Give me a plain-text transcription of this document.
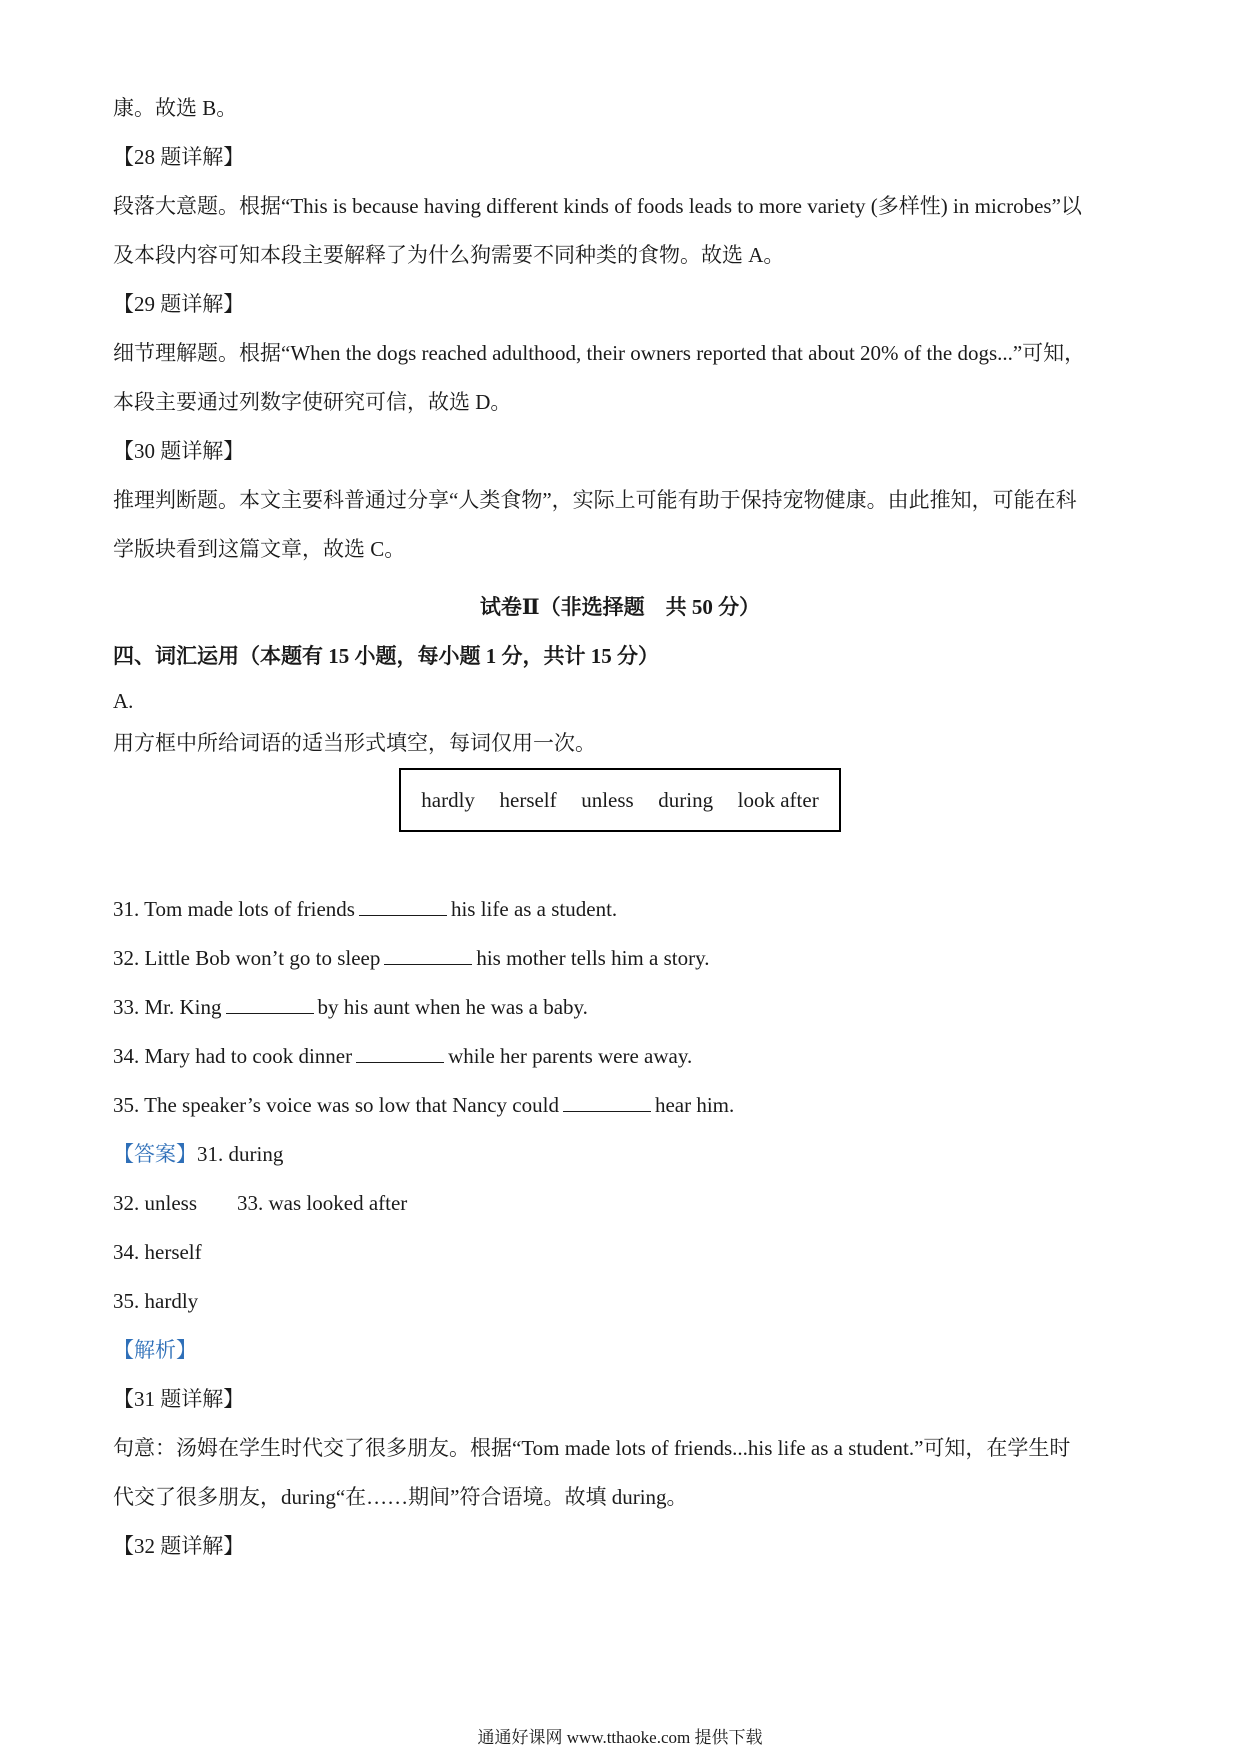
康。故选 B。
【28 题详解】
段落大意题。根据“This is because having different kinds of foods leads to more variety (多样性) in microbes”以
及本段内容可知本段主要解释了为什么狗需要不同种类的食物。故选 A。
【29 题详解】
细节理解题。根据“When the dogs reached adulthood, their owners reported that about 20% of the dogs...”可知，
本段主要通过列数字使研究可信，故选 D。
【30 题详解】
推理判断题。本文主要科普通过分享“人类食物”，实际上可能有助于保持宠物健康。由此推知，可能在科
学版块看到这篇文章，故选 C。
试卷Ⅱ（非选择题　共 50 分）
四、词汇运用（本题有 15 小题，每小题 1 分，共计 15 分）
A.
用方框中所给词语的适当形式填空，每词仅用一次。
hardly herself unless during look after
31. Tom made lots of friends	his life as a student.
32. Little Bob won’t go to sleep	his mother tells him a story.
33. Mr. King	by his aunt when he was a baby.
34. Mary had to cook dinner	while her parents were away.
35. The speaker’s voice was so low that Nancy could	hear him.
【答案】31. during
32. unless 33. was looked after
34. herself
35. hardly
【解析】
【31 题详解】
句意：汤姆在学生时代交了很多朋友。根据“Tom made lots of friends...his life as a student.”可知，在学生时
代交了很多朋友，during“在……期间”符合语境。故填 during。
【32 题详解】
通通好课网 www.tthaoke.com 提供下载
